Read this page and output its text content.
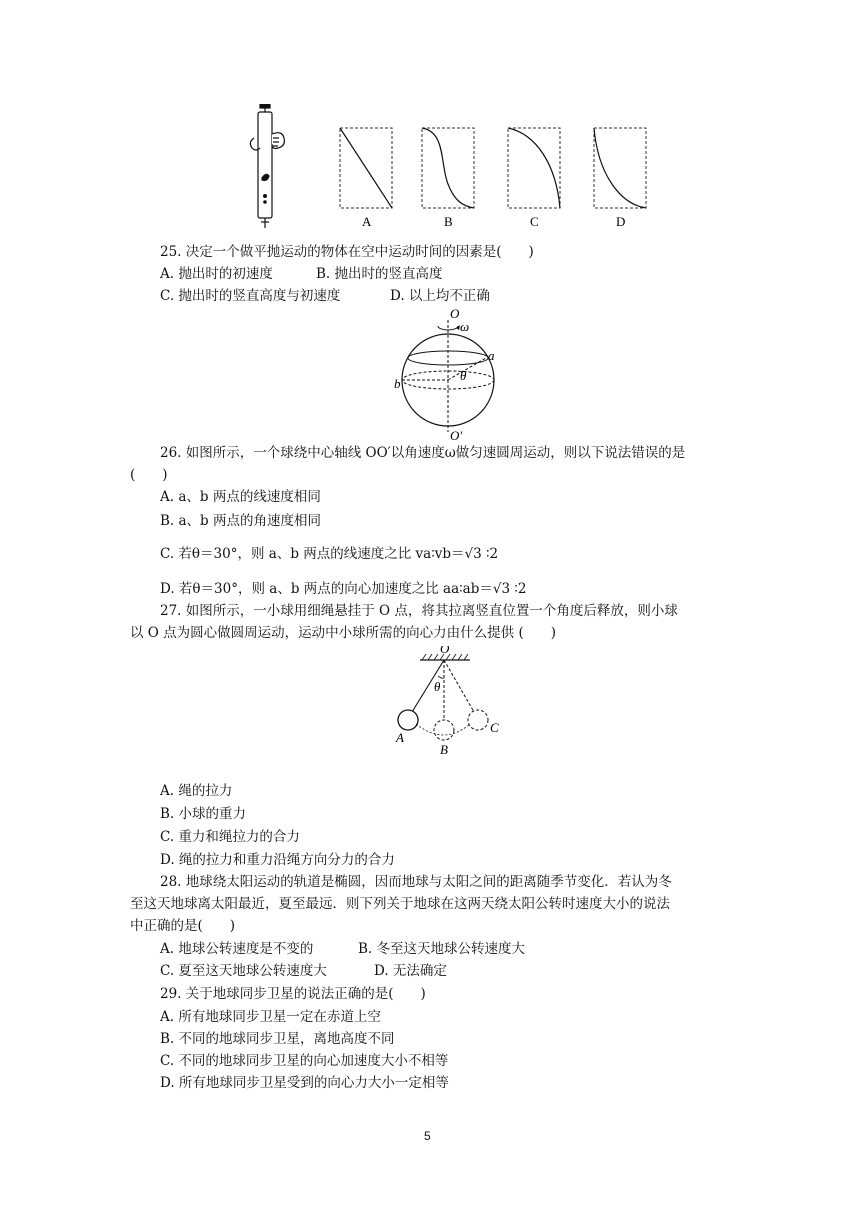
A	B	C	D
25. 决定一个做平抛运动的物体在空中运动时间的因素是(　　)
A. 抛出时的初速度	B. 抛出时的竖直高度
C. 抛出时的竖直高度与初速度	D. 以上均不正确
O
ω
a
b
θ
O′
26. 如图所示，一个球绕中心轴线 OO′以角速度ω做匀速圆周运动，则以下说法错误的是
(　　)
A. a、b 两点的线速度相同
B. a、b 两点的角速度相同
C. 若θ＝30°，则 a、b 两点的线速度之比 va∶vb＝√3 ∶2
D. 若θ＝30°，则 a、b 两点的向心加速度之比 aa∶ab＝√3 ∶2
27. 如图所示，一小球用细绳悬挂于 O 点，将其拉离竖直位置一个角度后释放，则小球
以 O 点为圆心做圆周运动，运动中小球所需的向心力由什么提供 (　　)
O
θ
A
B
C
A. 绳的拉力
B. 小球的重力
C. 重力和绳拉力的合力
D. 绳的拉力和重力沿绳方向分力的合力
28. 地球绕太阳运动的轨道是椭圆，因而地球与太阳之间的距离随季节变化．若认为冬
至这天地球离太阳最近，夏至最远．则下列关于地球在这两天绕太阳公转时速度大小的说法
中正确的是(　　)
A. 地球公转速度是不变的	B. 冬至这天地球公转速度大
C. 夏至这天地球公转速度大	D. 无法确定
29. 关于地球同步卫星的说法正确的是(　　)
A. 所有地球同步卫星一定在赤道上空
B. 不同的地球同步卫星，离地高度不同
C. 不同的地球同步卫星的向心加速度大小不相等
D. 所有地球同步卫星受到的向心力大小一定相等
5
